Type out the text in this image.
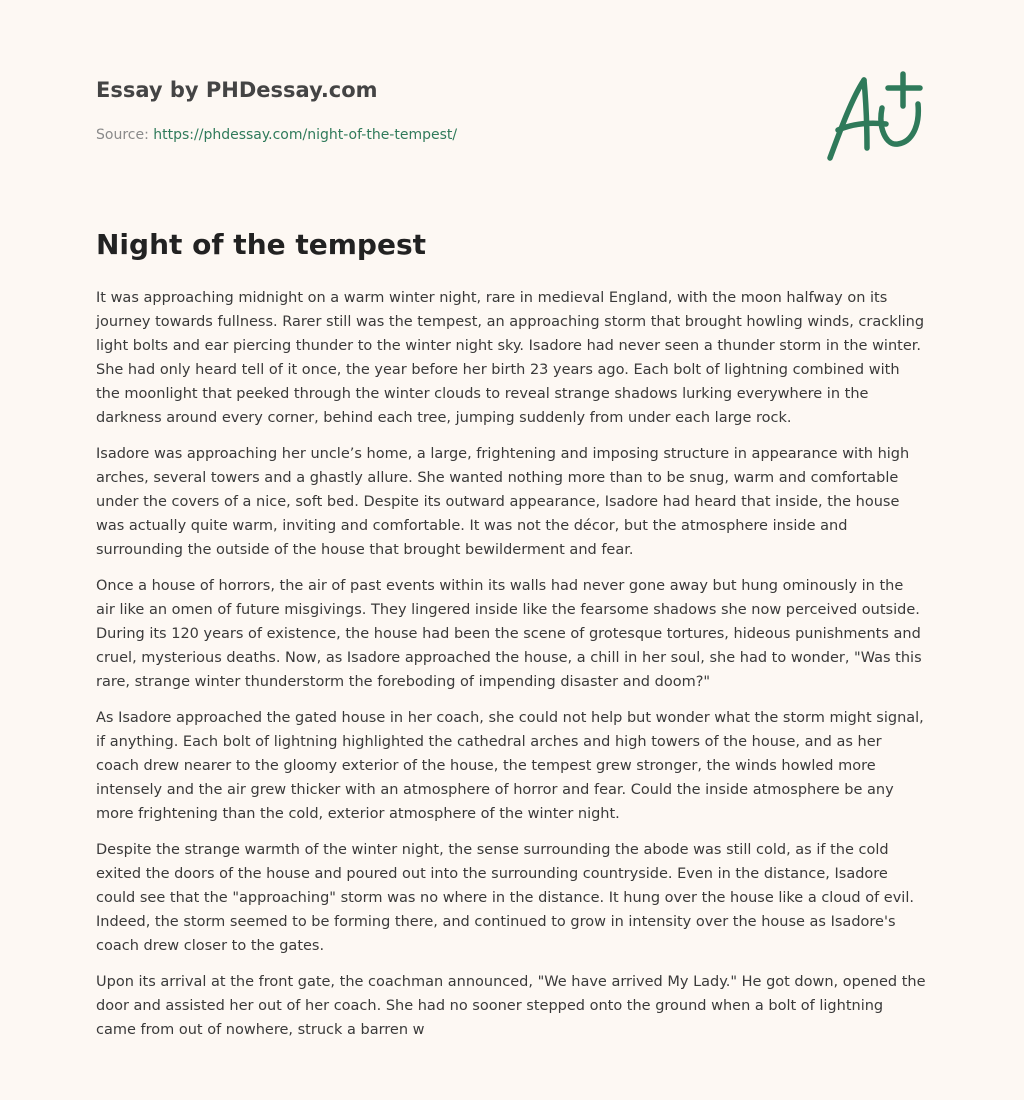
Essay by PHDessay.com
Source: https://phdessay.com/night-of-the-tempest/
Night of the tempest

It was approaching midnight on a warm winter night, rare in medieval England, with the moon halfway on its journey towards fullness. Rarer still was the tempest, an approaching storm that brought howling winds, crackling light bolts and ear piercing thunder to the winter night sky. Isadore had never seen a thunder storm in the winter. She had only heard tell of it once, the year before her birth 23 years ago. Each bolt of lightning combined with the moonlight that peeked through the winter clouds to reveal strange shadows lurking everywhere in the darkness around every corner, behind each tree, jumping suddenly from under each large rock.

Isadore was approaching her uncle’s home, a large, frightening and imposing structure in appearance with high arches, several towers and a ghastly allure. She wanted nothing more than to be snug, warm and comfortable under the covers of a nice, soft bed. Despite its outward appearance, Isadore had heard that inside, the house was actually quite warm, inviting and comfortable. It was not the décor, but the atmosphere inside and surrounding the outside of the house that brought bewilderment and fear.

Once a house of horrors, the air of past events within its walls had never gone away but hung ominously in the air like an omen of future misgivings. They lingered inside like the fearsome shadows she now perceived outside. During its 120 years of existence, the house had been the scene of grotesque tortures, hideous punishments and cruel, mysterious deaths. Now, as Isadore approached the house, a chill in her soul, she had to wonder, "Was this rare, strange winter thunderstorm the foreboding of impending disaster and doom?"

As Isadore approached the gated house in her coach, she could not help but wonder what the storm might signal, if anything. Each bolt of lightning highlighted the cathedral arches and high towers of the house, and as her coach drew nearer to the gloomy exterior of the house, the tempest grew stronger, the winds howled more intensely and the air grew thicker with an atmosphere of horror and fear. Could the inside atmosphere be any more frightening than the cold, exterior atmosphere of the winter night.

Despite the strange warmth of the winter night, the sense surrounding the abode was still cold, as if the cold exited the doors of the house and poured out into the surrounding countryside. Even in the distance, Isadore could see that the "approaching" storm was no where in the distance. It hung over the house like a cloud of evil. Indeed, the storm seemed to be forming there, and continued to grow in intensity over the house as Isadore's coach drew closer to the gates.

Upon its arrival at the front gate, the coachman announced, "We have arrived My Lady." He got down, opened the door and assisted her out of her coach. She had no sooner stepped onto the ground when a bolt of lightning came from out of nowhere, struck a barren w
